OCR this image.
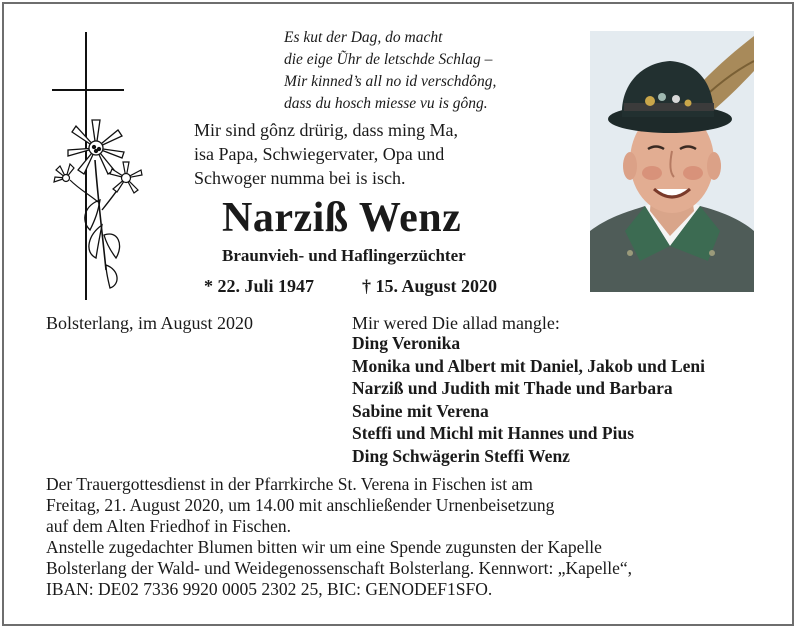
Es kut der Dag, do macht
die eige Ũhr de letschde Schlag –
Mir kinned’s all no id verschdông,
dass du hosch miesse vu is gông.
Mir sind gônz drürig, dass ming Ma,
isa Papa, Schwiegervater, Opa und
Schwoger numma bei is isch.
Narziß Wenz
Braunvieh- und Haflingerzüchter
* 22. Juli 1947	† 15. August 2020
Bolsterlang, im August 2020	Mir wered Die allad mangle:
Ding Veronika
Monika und Albert mit Daniel, Jakob und Leni
Narziß und Judith mit Thade und Barbara
Sabine mit Verena
Steffi und Michl mit Hannes und Pius
Ding Schwägerin Steffi Wenz
Der Trauergottesdienst in der Pfarrkirche St. Verena in Fischen ist am
Freitag, 21. August 2020, um 14.00 mit anschließender Urnenbeisetzung
auf dem Alten Friedhof in Fischen.
Anstelle zugedachter Blumen bitten wir um eine Spende zugunsten der Kapelle
Bolsterlang der Wald- und Weidegenossenschaft Bolsterlang. Kennwort: „Kapelle“,
IBAN: DE02 7336 9920 0005 2302 25, BIC: GENODEF1SFO.
